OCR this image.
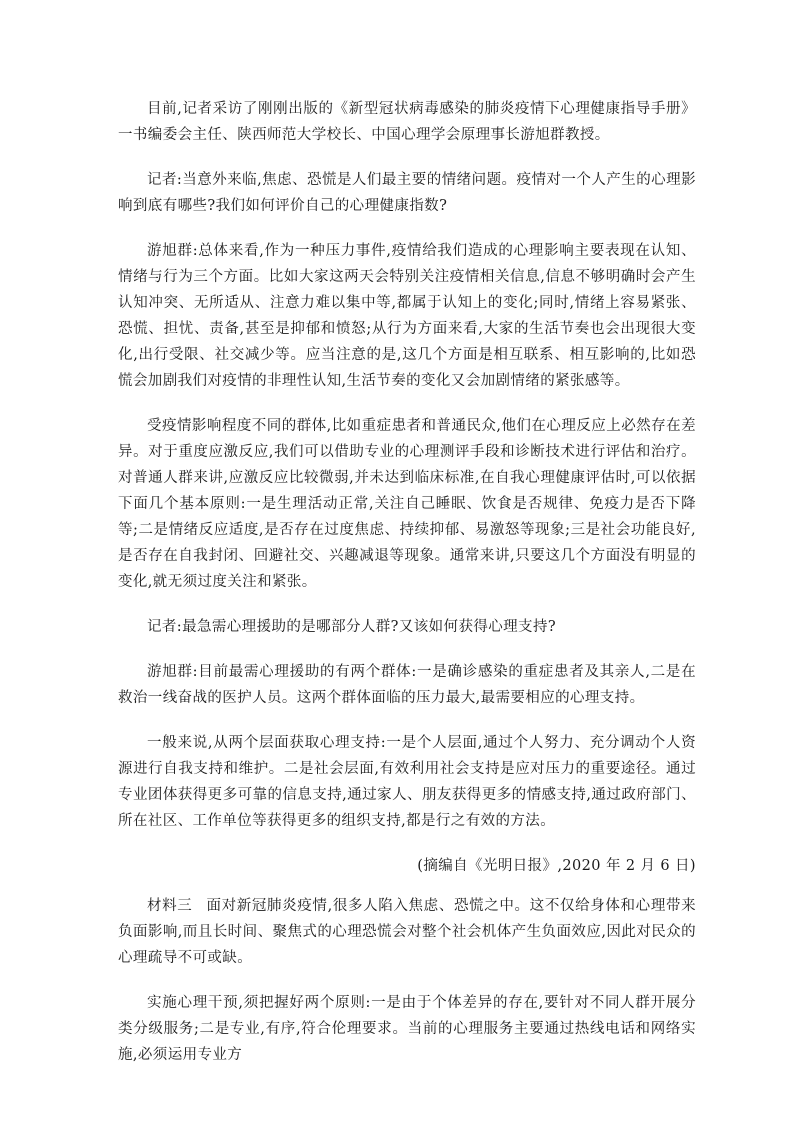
目前,记者采访了刚刚出版的《新型冠状病毒感染的肺炎疫情下心理健康指导手册》一书编委会主任、陕西师范大学校长、中国心理学会原理事长游旭群教授。

记者:当意外来临,焦虑、恐慌是人们最主要的情绪问题。疫情对一个人产生的心理影响到底有哪些?我们如何评价自己的心理健康指数?

游旭群:总体来看,作为一种压力事件,疫情给我们造成的心理影响主要表现在认知、情绪与行为三个方面。比如大家这两天会特别关注疫情相关信息,信息不够明确时会产生认知冲突、无所适从、注意力难以集中等,都属于认知上的变化;同时,情绪上容易紧张、恐慌、担忧、责备,甚至是抑郁和愤怒;从行为方面来看,大家的生活节奏也会出现很大变化,出行受限、社交减少等。应当注意的是,这几个方面是相互联系、相互影响的,比如恐慌会加剧我们对疫情的非理性认知,生活节奏的变化又会加剧情绪的紧张感等。

受疫情影响程度不同的群体,比如重症患者和普通民众,他们在心理反应上必然存在差异。对于重度应激反应,我们可以借助专业的心理测评手段和诊断技术进行评估和治疗。对普通人群来讲,应激反应比较微弱,并未达到临床标准,在自我心理健康评估时,可以依据下面几个基本原则:一是生理活动正常,关注自己睡眠、饮食是否规律、免疫力是否下降等;二是情绪反应适度,是否存在过度焦虑、持续抑郁、易激怒等现象;三是社会功能良好,是否存在自我封闭、回避社交、兴趣减退等现象。通常来讲,只要这几个方面没有明显的变化,就无须过度关注和紧张。

记者:最急需心理援助的是哪部分人群?又该如何获得心理支持?

游旭群:目前最需心理援助的有两个群体:一是确诊感染的重症患者及其亲人,二是在救治一线奋战的医护人员。这两个群体面临的压力最大,最需要相应的心理支持。

一般来说,从两个层面获取心理支持:一是个人层面,通过个人努力、充分调动个人资源进行自我支持和维护。二是社会层面,有效利用社会支持是应对压力的重要途径。通过专业团体获得更多可靠的信息支持,通过家人、朋友获得更多的情感支持,通过政府部门、所在社区、工作单位等获得更多的组织支持,都是行之有效的方法。

(摘编自《光明日报》,2020 年 2 月 6 日)

材料三 面对新冠肺炎疫情,很多人陷入焦虑、恐慌之中。这不仅给身体和心理带来负面影响,而且长时间、聚焦式的心理恐慌会对整个社会机体产生负面效应,因此对民众的心理疏导不可或缺。

实施心理干预,须把握好两个原则:一是由于个体差异的存在,要针对不同人群开展分类分级服务;二是专业,有序,符合伦理要求。当前的心理服务主要通过热线电话和网络实施,必须运用专业方
